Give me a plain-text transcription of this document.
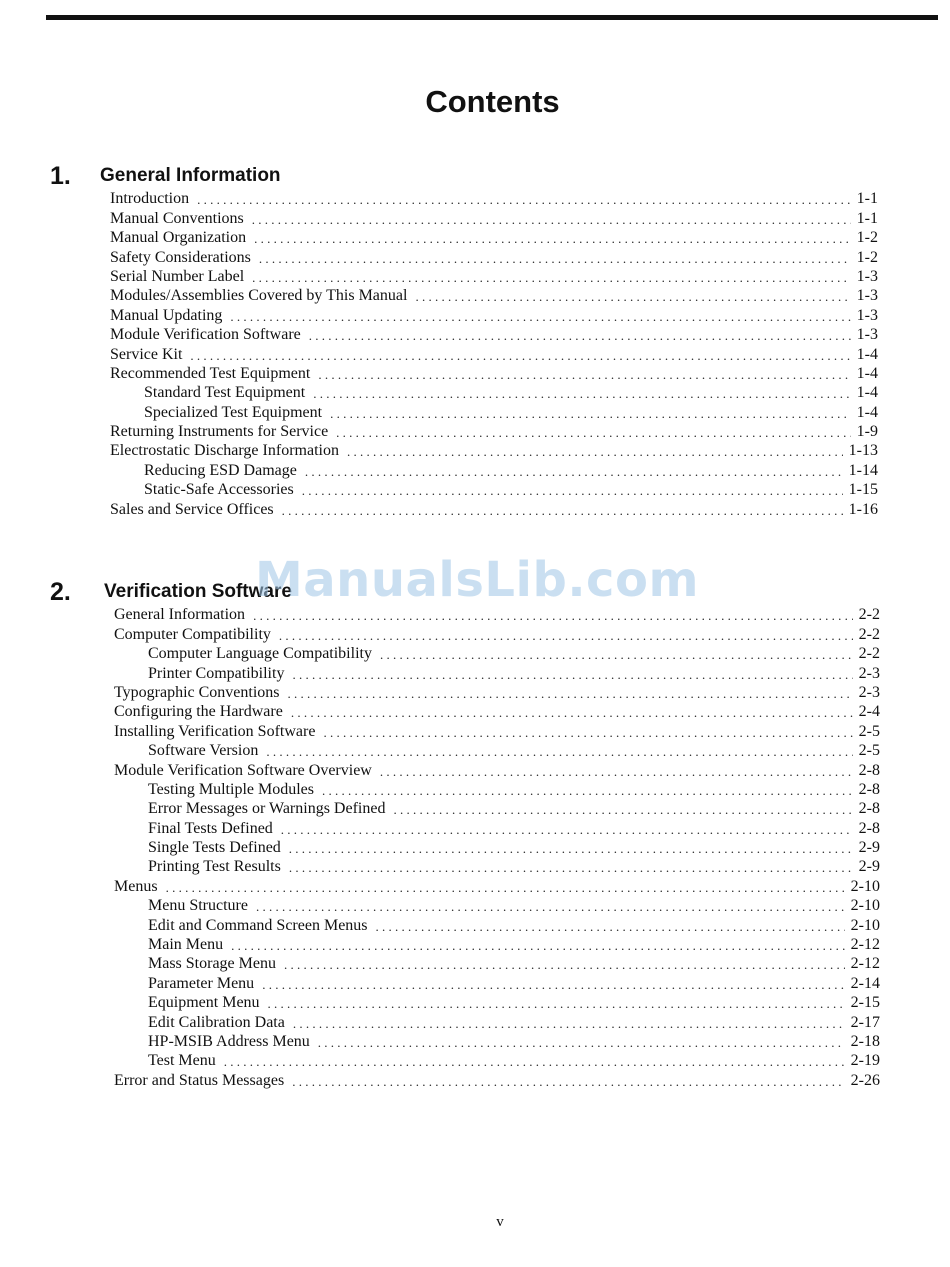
Contents
1. General Information
Introduction . . .	1-1
Manual Conventions . . .	1-1
Manual Organization . . .	1-2
Safety Considerations . . .	1-2
Serial Number Label . . .	1-3
Modules/Assemblies Covered by This Manual . . .	1-3
Manual Updating . . .	1-3
Module Verification Software . . .	1-3
Service Kit . . .	1-4
Recommended Test Equipment . . .	1-4
Standard Test Equipment . . .	1-4
Specialized Test Equipment . . .	1-4
Returning Instruments for Service . . .	1-9
Electrostatic Discharge Information . . .	1-13
Reducing ESD Damage . . .	1-14
Static-Safe Accessories . . .	1-15
Sales and Service Offices . . .	1-16
2. Verification Software
General Information . . .	2-2
Computer Compatibility . . .	2-2
Computer Language Compatibility . . .	2-2
Printer Compatibility . . .	2-3
Typographic Conventions . . .	2-3
Configuring the Hardware . . .	2-4
Installing Verification Software . . .	2-5
Software Version . . .	2-5
Module Verification Software Overview . . .	2-8
Testing Multiple Modules . . .	2-8
Error Messages or Warnings Defined . . .	2-8
Final Tests Defined . . .	2-8
Single Tests Defined . . .	2-9
Printing Test Results . . .	2-9
Menus . . .	2-10
Menu Structure . . .	2-10
Edit and Command Screen Menus . . .	2-10
Main Menu . . .	2-12
Mass Storage Menu . . .	2-12
Parameter Menu . . .	2-14
Equipment Menu . . .	2-15
Edit Calibration Data . . .	2-17
HP-MSIB Address Menu . . .	2-18
Test Menu . . .	2-19
Error and Status Messages . . .	2-26
ManualsLib.com
v
